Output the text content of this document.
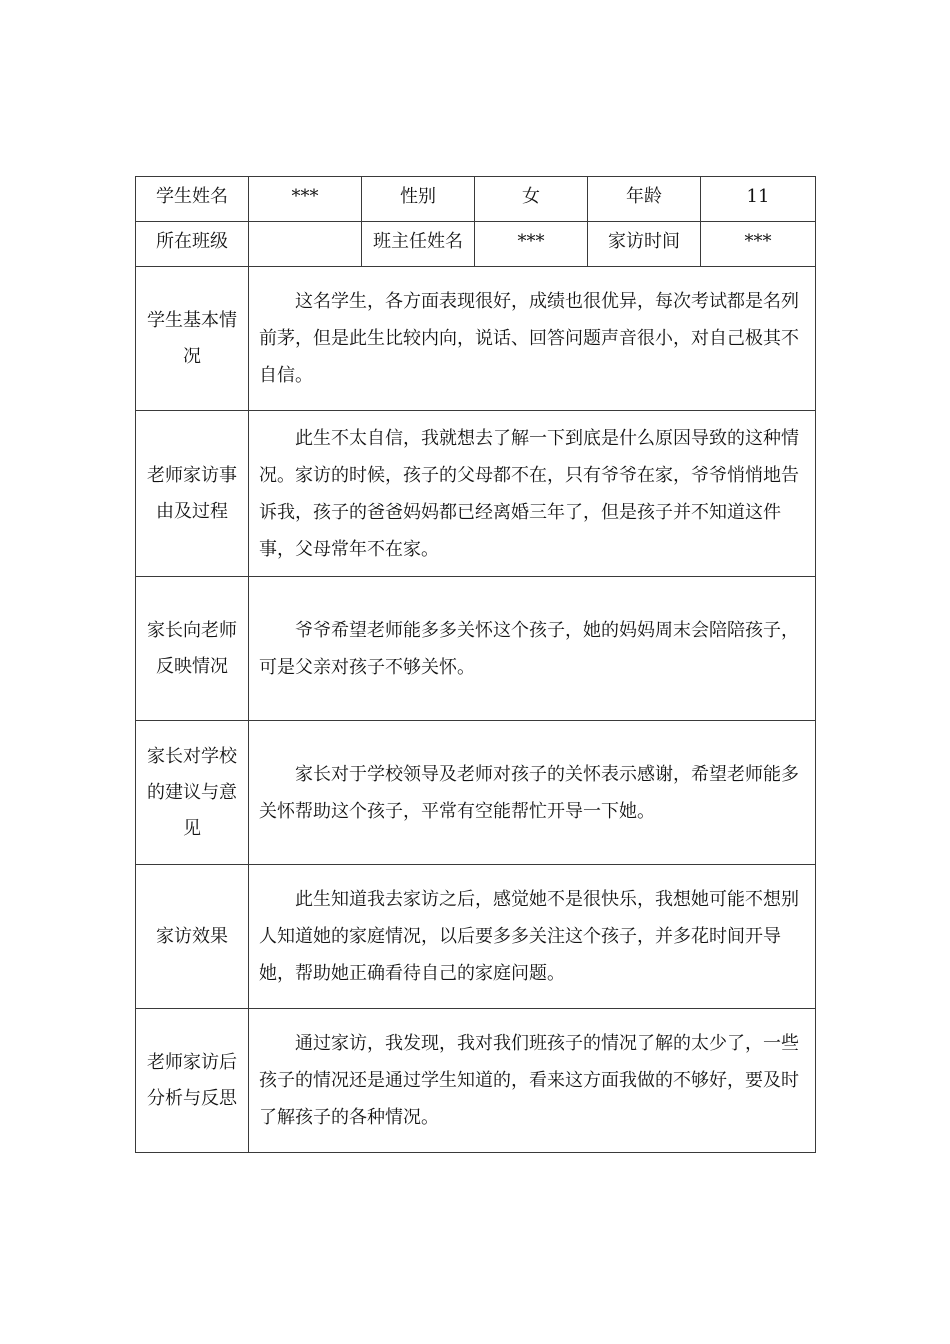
学生姓名	***	性别	女	年龄	11
所在班级		班主任姓名	***	家访时间	***
学生基本情况	这名学生，各方面表现很好，成绩也很优异，每次考试都是名列前茅，但是此生比较内向，说话、回答问题声音很小，对自己极其不自信。				

老师家访事由及过程	此生不太自信，我就想去了解一下到底是什么原因导致的这种情况。家访的时候，孩子的父母都不在，只有爷爷在家，爷爷悄悄地告诉我，孩子的爸爸妈妈都已经离婚三年了，但是孩子并不知道这件事，父母常年不在家。				

家长向老师反映情况	爷爷希望老师能多多关怀这个孩子，她的妈妈周末会陪陪孩子，可是父亲对孩子不够关怀。				

家长对学校的建议与意见	家长对于学校领导及老师对孩子的关怀表示感谢，希望老师能多关怀帮助这个孩子，平常有空能帮忙开导一下她。				

家访效果	此生知道我去家访之后，感觉她不是很快乐，我想她可能不想别人知道她的家庭情况，以后要多多关注这个孩子，并多花时间开导她，帮助她正确看待自己的家庭问题。				

老师家访后分析与反思	通过家访，我发现，我对我们班孩子的情况了解的太少了，一些孩子的情况还是通过学生知道的，看来这方面我做的不够好，要及时了解孩子的各种情况。				
